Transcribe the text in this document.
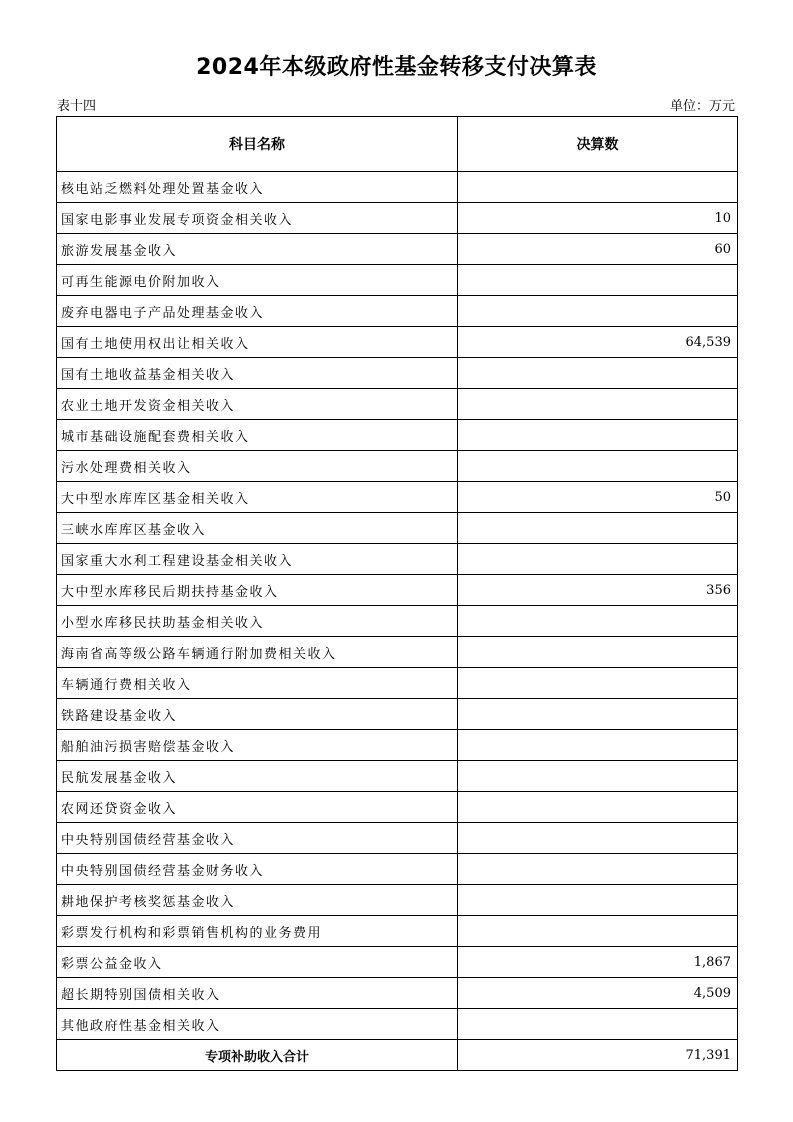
2024年本级政府性基金转移支付决算表
表十四	单位：万元
科目名称	决算数
核电站乏燃料处理处置基金收入	
国家电影事业发展专项资金相关收入	10
旅游发展基金收入	60
可再生能源电价附加收入	
废弃电器电子产品处理基金收入	
国有土地使用权出让相关收入	64,539
国有土地收益基金相关收入	
农业土地开发资金相关收入	
城市基础设施配套费相关收入	
污水处理费相关收入	
大中型水库库区基金相关收入	50
三峡水库库区基金收入	
国家重大水利工程建设基金相关收入	
大中型水库移民后期扶持基金收入	356
小型水库移民扶助基金相关收入	
海南省高等级公路车辆通行附加费相关收入	
车辆通行费相关收入	
铁路建设基金收入	
船舶油污损害赔偿基金收入	
民航发展基金收入	
农网还贷资金收入	
中央特别国债经营基金收入	
中央特别国债经营基金财务收入	
耕地保护考核奖惩基金收入	
彩票发行机构和彩票销售机构的业务费用	
彩票公益金收入	1,867
超长期特别国债相关收入	4,509
其他政府性基金相关收入	
专项补助收入合计	71,391
